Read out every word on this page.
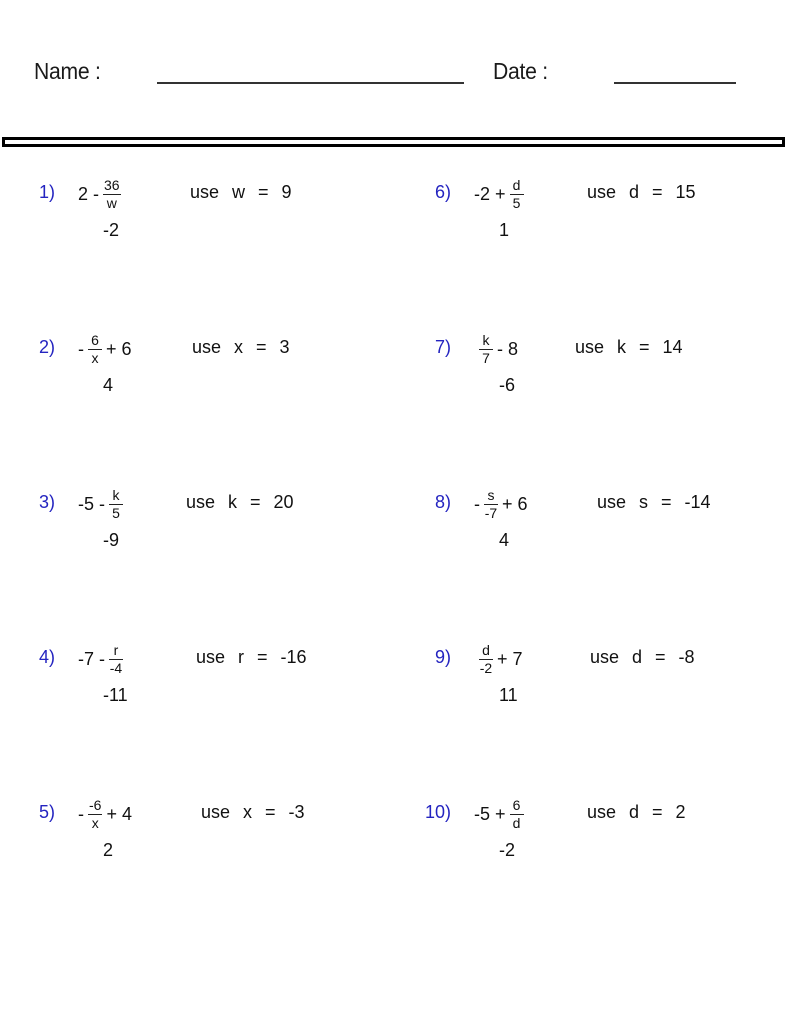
Name :	Date :
1) $2 - \frac{36}{w}$	use w = 9
-2
$2) - \frac{6}{x} + 6$	use x = 3
4
3) $-5 - \frac{k}{5}$	use k = 20
-9
4) $-7 - \frac{r}{-4}$	use r = -16
-11
$5) - \frac{-6}{x} + 4$	use x = -3
2
6) $-2 + \frac{d}{5}$	use d = 15
1
$7) \frac{k}{7} - 8$	use k = 14
-6
$8) - \frac{s}{-7} + 6$	use s = -14
4
$9) \frac{d}{-2} + 7$	use d = -8
11
10) $-5 + \frac{6}{d}$	use d = 2
-2
